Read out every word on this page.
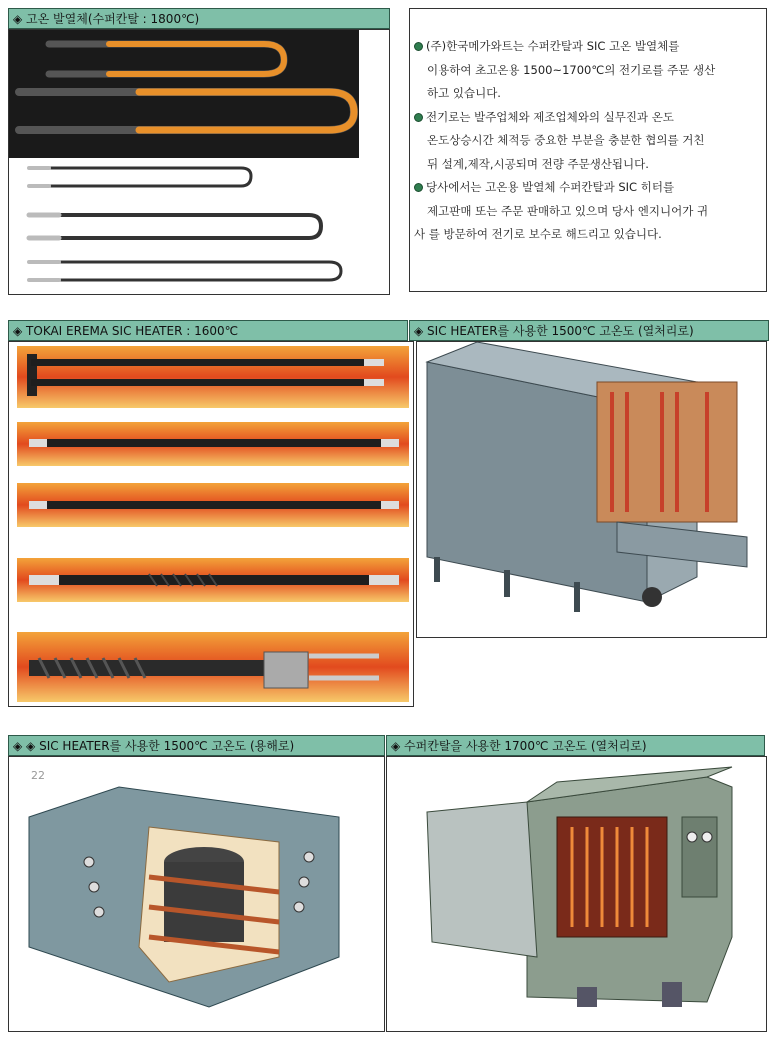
◈ 고온 발열체(수퍼칸탈 : 1800℃)
◈ TOKAI EREMA SIC HEATER : 1600℃	◈ SIC HEATER를 사용한 1500℃ 고온도 (열처리로)
◈ ◈ SIC HEATER를 사용한 1500℃ 고온도 (용해로)	◈ 수퍼칸탈을 사용한 1700℃ 고온도 (열처리로)

(주)한국메가와트는 수퍼칸탈과 SIC 고온 발열체를

이용하여 초고온용 1500~1700℃의 전기로를 주문 생산

하고 있습니다.

전기로는 발주업체와 제조업체와의 실무진과 온도

온도상승시간 체적등 중요한 부분을 충분한 협의를 거친

뒤 설계,제작,시공되며 전량 주문생산됩니다.

당사에서는 고온용 발열체 수퍼칸탈과 SIC 히터를

제고판매 또는 주문 판매하고 있으며 당사 엔지니어가 귀

사 를 방문하여 전기로 보수로 해드리고 있습니다.

22
